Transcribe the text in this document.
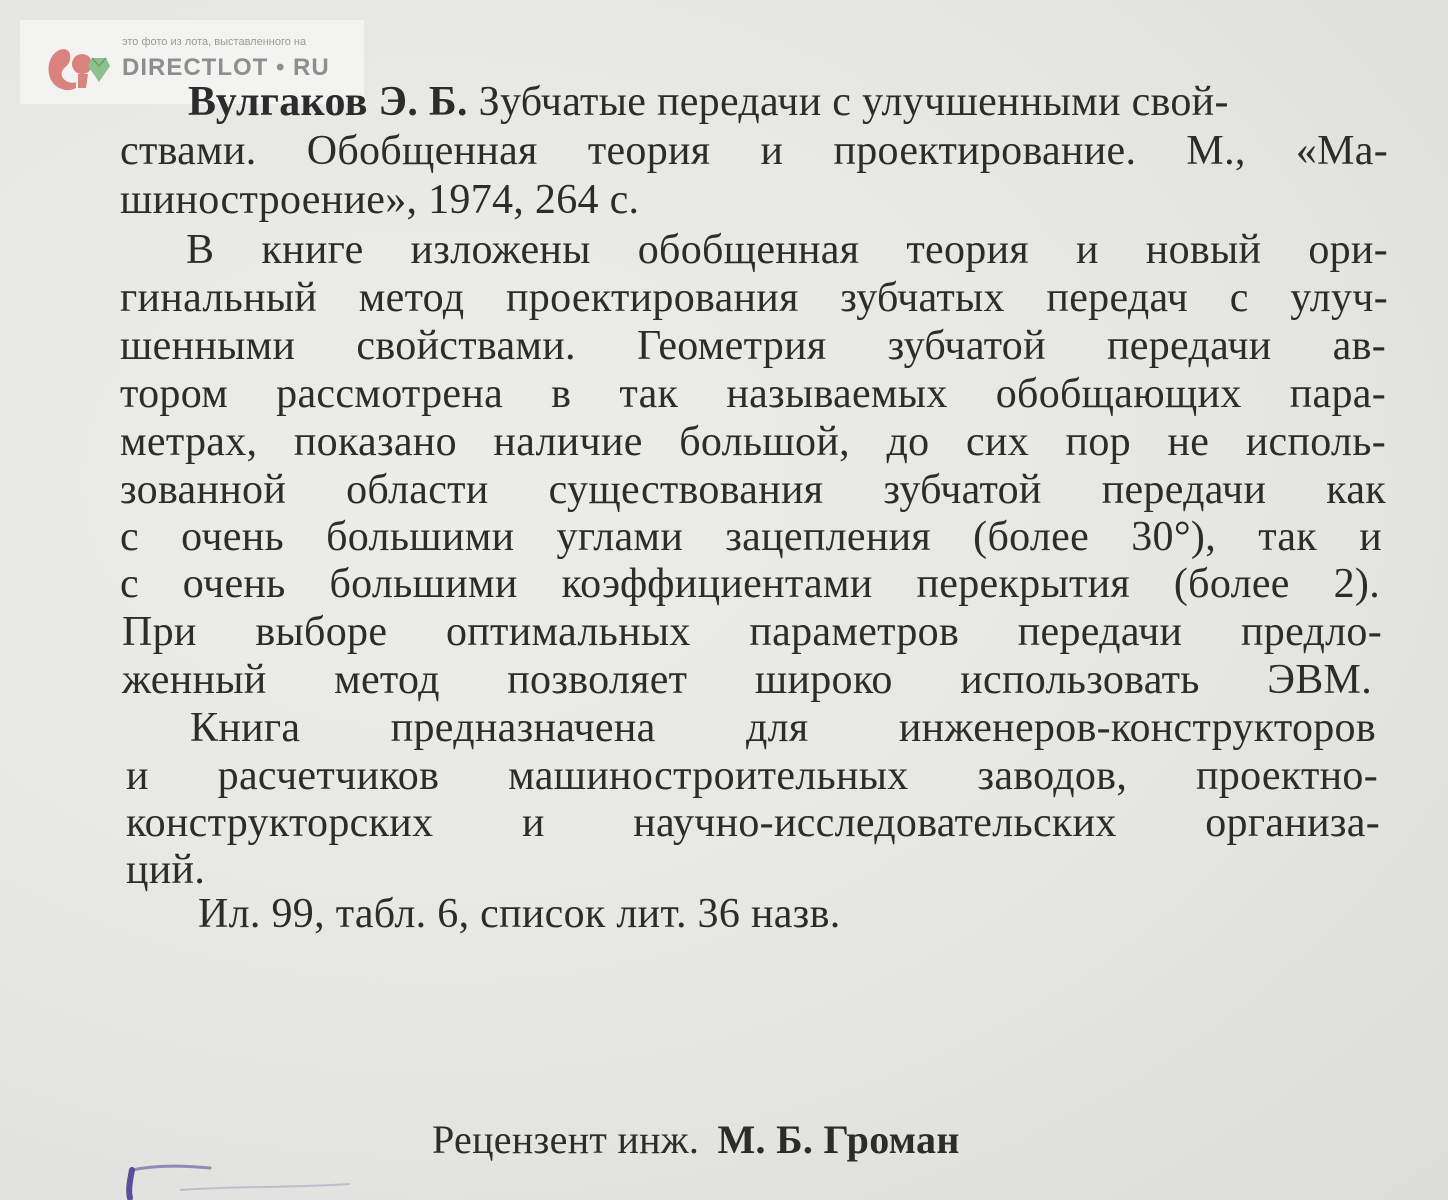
это фото из лота, выставленного на
DIRECTLOT • RU
Вулгаков Э. Б. Зубчатые передачи с улучшенными свой-
ствами. Обобщенная теория и проектирование. М., «Ма-
шиностроение», 1974, 264 с.
В книге изложены обобщенная теория и новый ори-
гинальный метод проектирования зубчатых передач с улуч-
шенными свойствами. Геометрия зубчатой передачи ав-
тором рассмотрена в так называемых обобщающих пара-
метрах, показано наличие большой, до сих пор не исполь-
зованной области существования зубчатой передачи как
с очень большими углами зацепления (более 30°), так и
с очень большими коэффициентами перекрытия (более 2).
При выборе оптимальных параметров передачи предло-
женный метод позволяет широко использовать ЭВМ.
Книга предназначена для инженеров-конструкторов
и расчетчиков машиностроительных заводов, проектно-
конструкторских и научно-исследовательских организа-
ций.
Ил. 99, табл. 6, список лит. 36 назв.
Рецензент инж. М. Б. Громан
